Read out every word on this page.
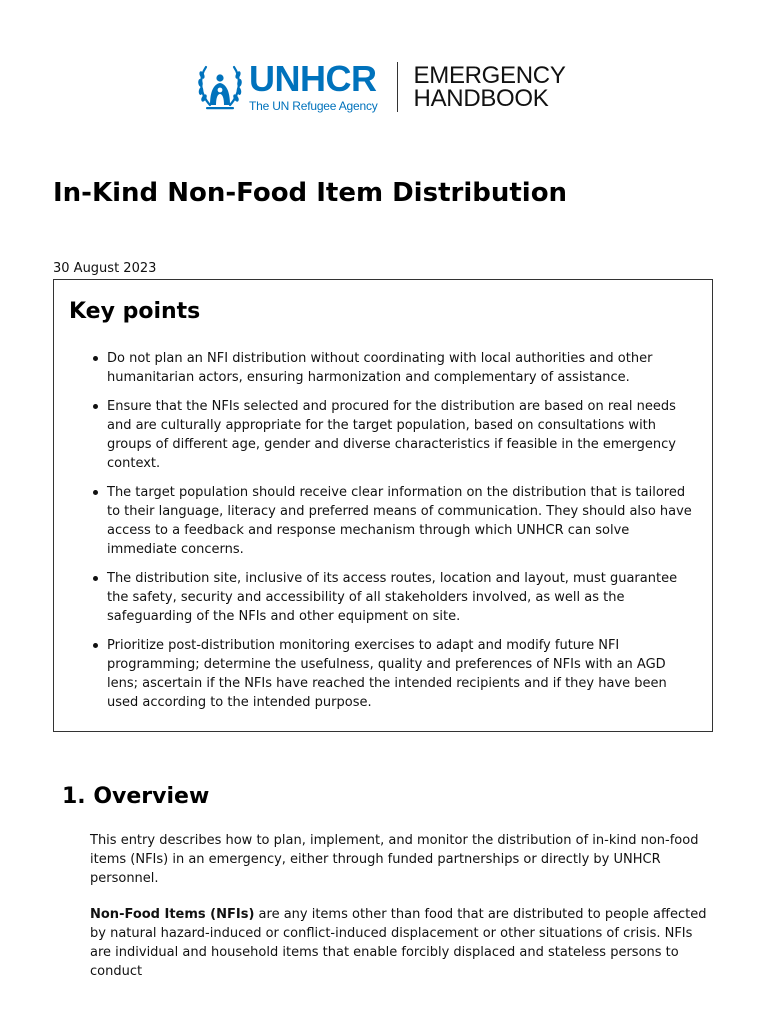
UNHCR
The UN Refugee Agency
EMERGENCY
HANDBOOK
In-Kind Non-Food Item Distribution
30 August 2023
Key points
Do not plan an NFI distribution without coordinating with local authorities and other humanitarian actors, ensuring harmonization and complementary of assistance.
Ensure that the NFIs selected and procured for the distribution are based on real needs and are culturally appropriate for the target population, based on consultations with groups of different age, gender and diverse characteristics if feasible in the emergency context.
The target population should receive clear information on the distribution that is tailored to their language, literacy and preferred means of communication. They should also have access to a feedback and response mechanism through which UNHCR can solve immediate concerns.
The distribution site, inclusive of its access routes, location and layout, must guarantee the safety, security and accessibility of all stakeholders involved, as well as the safeguarding of the NFIs and other equipment on site.
Prioritize post-distribution monitoring exercises to adapt and modify future NFI programming; determine the usefulness, quality and preferences of NFIs with an AGD lens; ascertain if the NFIs have reached the intended recipients and if they have been used according to the intended purpose.
1. Overview

This entry describes how to plan, implement, and monitor the distribution of in-kind non-food items (NFIs) in an emergency, either through funded partnerships or directly by UNHCR personnel.

Non-Food Items (NFIs) are any items other than food that are distributed to people affected by natural hazard-induced or conflict-induced displacement or other situations of crisis. NFIs are individual and household items that enable forcibly displaced and stateless persons to conduct
